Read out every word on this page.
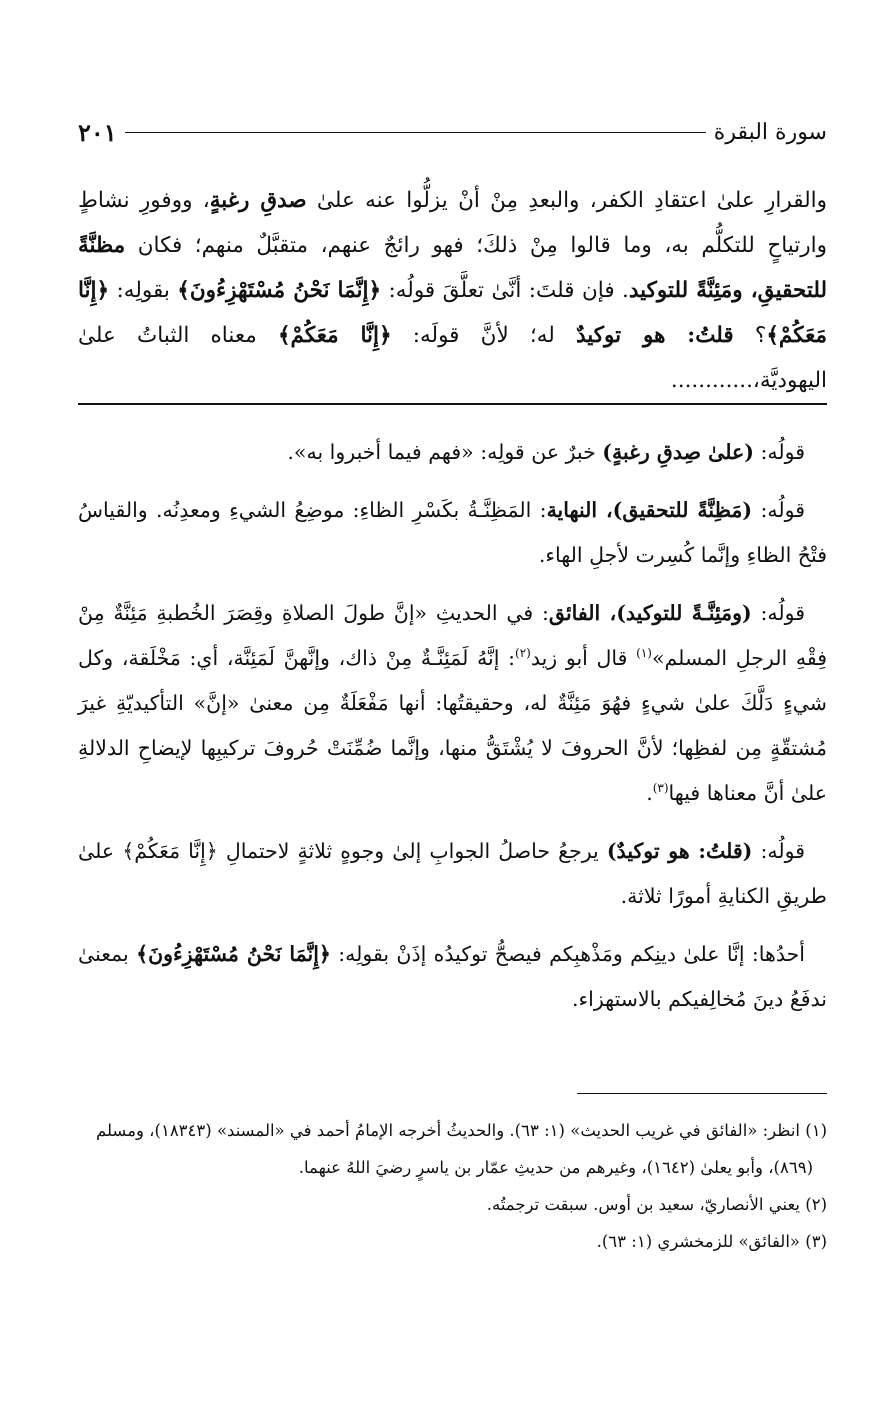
سورة البقرة
٢٠١

والقرارِ علىٰ اعتقادِ الكفر، والبعدِ مِنْ أنْ يزلُّوا عنه علىٰ صدقِ رغبةٍ، ووفورِ نشاطٍ وارتياحٍ للتكلُّم به، وما قالوا مِنْ ذلكَ؛ فهو رائجٌ عنهم، متقبَّلٌ منهم؛ فكان مظنَّةً للتحقيقِ، ومَئِنَّةً للتوكيد. فإن قلتَ: أنَّىٰ تعلَّقَ قولُه: ﴿إِنَّمَا نَحْنُ مُسْتَهْزِءُونَ﴾ بقولِه: ﴿إِنَّا مَعَكُمْ﴾؟ قلتُ: هو توكيدٌ له؛ لأنَّ قولَه: ﴿إِنَّا مَعَكُمْ﴾ معناه الثباتُ علىٰ اليهوديَّة،............

قولُه: (علىٰ صِدقِ رغبةٍ) خبرٌ عن قولِه: «فهم فيما أخبروا به».

قولُه: (مَظِنَّةً للتحقيق)، النهاية: المَظِنَّـةُ بكَسْرِ الظاءِ: موضِعُ الشيءِ ومعدِنُه. والقياسُ فتْحُ الظاءِ وإنَّما كُسِرت لأجلِ الهاء.

قولُه: (ومَئِنَّـةً للتوكيد)، الفائق: في الحديثِ «إنَّ طولَ الصلاةِ وقِصَرَ الخُطبةِ مَئِنَّةٌ مِنْ فِقْهِ الرجلِ المسلم»$^{(١)}$ قال أبو زيد$^{(٢)}$: إنَّهُ لَمَئِنَّـةٌ مِنْ ذاك، وإنَّهنَّ لَمَئِنَّة، أي: مَخْلَقة، وكل شيءٍ دَلَّكَ علىٰ شيءٍ فهُوَ مَئِنَّةٌ له، وحقيقتُها: أنها مَفْعَلَةٌ مِن معنىٰ «إنَّ» التأكيديّةِ غيرَ مُشتقّةٍ مِن لفظِها؛ لأنَّ الحروفَ لا يُشْتَقُّ منها، وإنَّما ضُمِّنَتْ حُروفَ تركيبِها لإيضاحِ الدلالةِ علىٰ أنَّ معناها فيها$^{(٣)}$.

قولُه: (قلتُ: هو توكيدٌ) يرجعُ حاصلُ الجوابِ إلىٰ وجوهٍ ثلاثةٍ لاحتمالِ ﴿إِنَّا مَعَكُمْ﴾ علىٰ طريقِ الكنايةِ أمورًا ثلاثة.

أحدُها: إنَّا علىٰ دينِكم ومَذْهبِكم فيصحُّ توكيدُه إذَنْ بقولِه: ﴿إِنَّمَا نَحْنُ مُسْتَهْزِءُونَ﴾ بمعنىٰ ندفَعُ دينَ مُخالِفيكم بالاستهزاء.

(١) انظر: «الفائق في غريب الحديث» (١: ٦٣). والحديثُ أخرجه الإمامُ أحمد في «المسند» (١٨٣٤٣)، ومسلم

(٨٦٩)، وأبو يعلىٰ (١٦٤٢)، وغيرهم من حديثِ عمّار بن ياسرٍ رضيَ اللهُ عنهما.

(٢) يعني الأنصاريّ، سعيد بن أوس. سبقت ترجمتُه.

(٣) «الفائق» للزمخشري (١: ٦٣).
